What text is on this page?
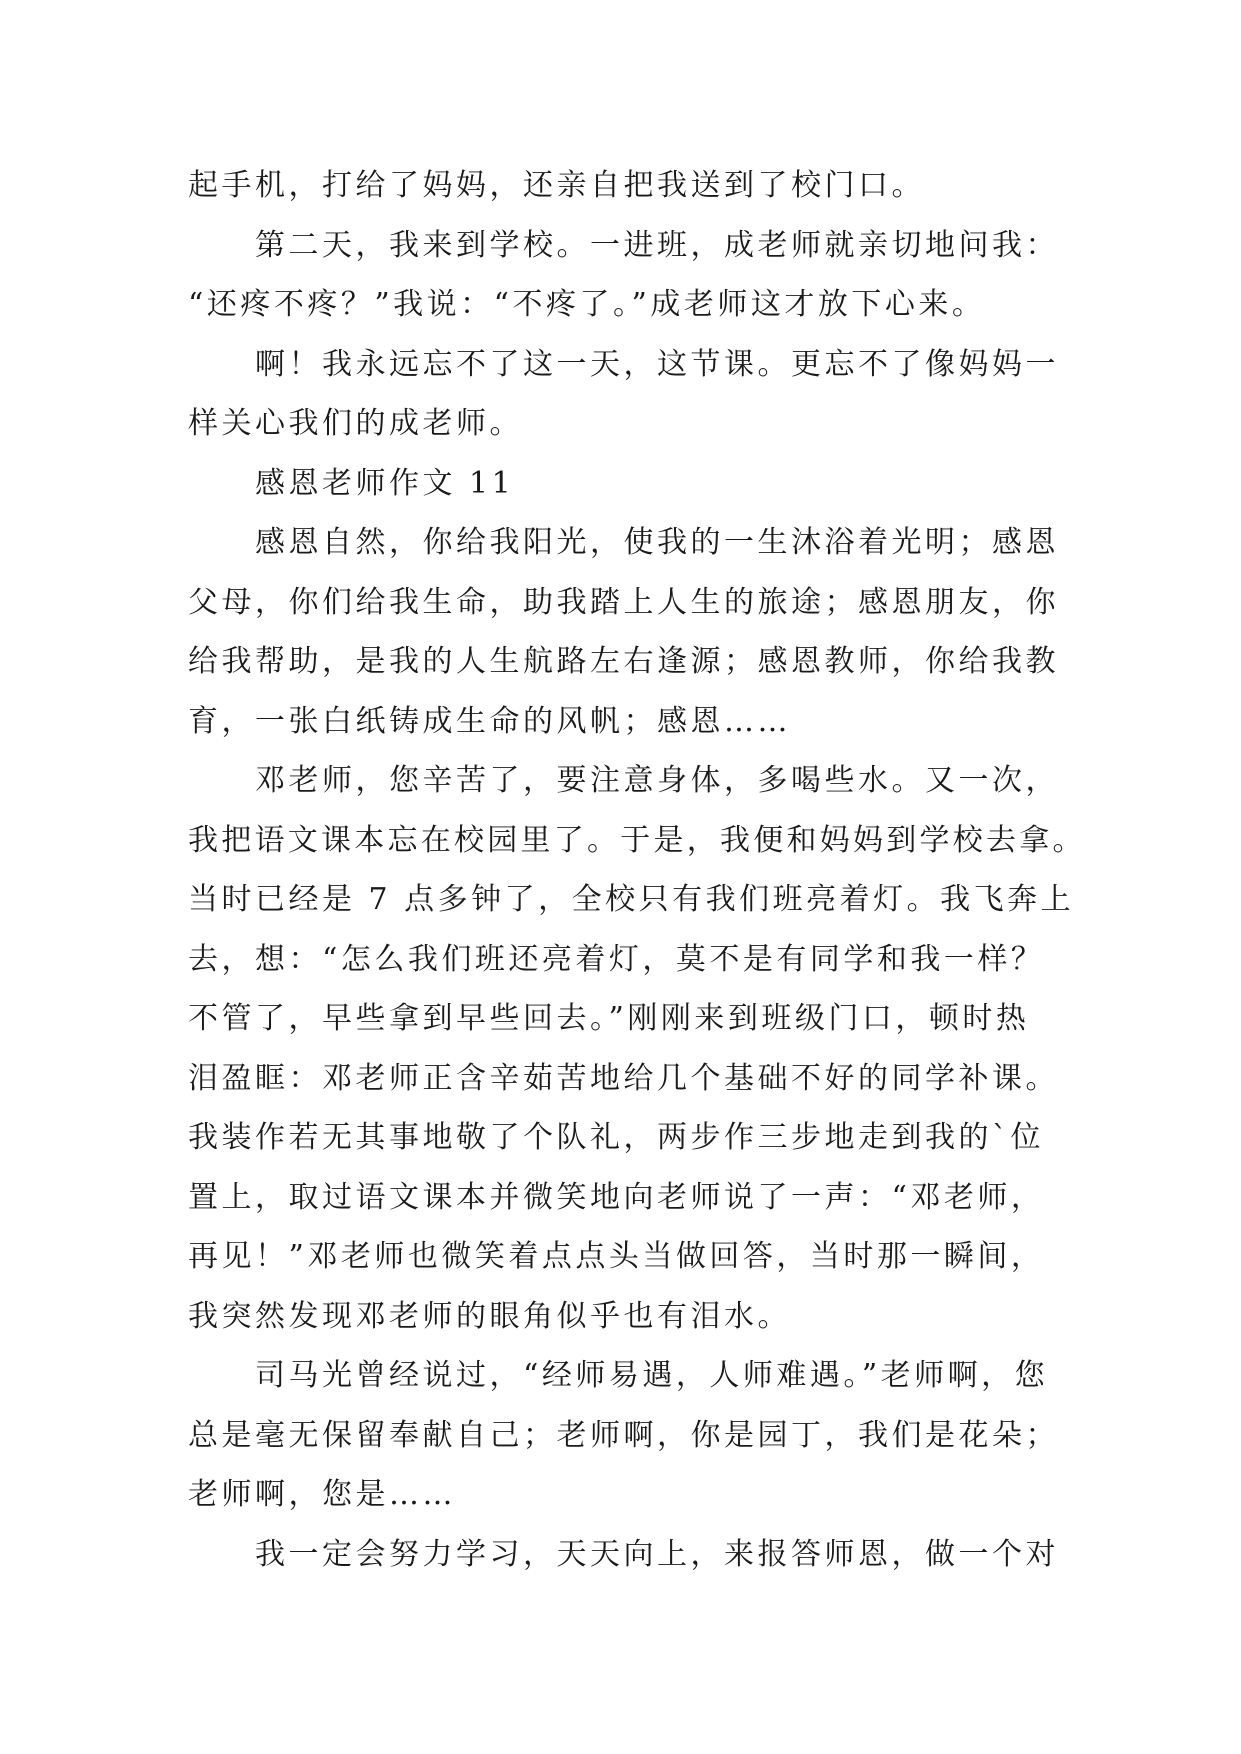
起手机，打给了妈妈，还亲自把我送到了校门口。
　　第二天，我来到学校。一进班，成老师就亲切地问我：
“还疼不疼？”我说：“不疼了。”成老师这才放下心来。
　　啊！我永远忘不了这一天，这节课。更忘不了像妈妈一
样关心我们的成老师。
　　感恩老师作文 11
　　感恩自然，你给我阳光，使我的一生沐浴着光明；感恩
父母，你们给我生命，助我踏上人生的旅途；感恩朋友，你
给我帮助，是我的人生航路左右逢源；感恩教师，你给我教
育，一张白纸铸成生命的风帆；感恩……
　　邓老师，您辛苦了，要注意身体，多喝些水。又一次，
我把语文课本忘在校园里了。于是，我便和妈妈到学校去拿。
当时已经是 7 点多钟了，全校只有我们班亮着灯。我飞奔上
去，想：“怎么我们班还亮着灯，莫不是有同学和我一样？
不管了，早些拿到早些回去。”刚刚来到班级门口，顿时热
泪盈眶：邓老师正含辛茹苦地给几个基础不好的同学补课。
我装作若无其事地敬了个队礼，两步作三步地走到我的`位
置上，取过语文课本并微笑地向老师说了一声：“邓老师，
再见！”邓老师也微笑着点点头当做回答，当时那一瞬间，
我突然发现邓老师的眼角似乎也有泪水。
　　司马光曾经说过，“经师易遇，人师难遇。”老师啊，您
总是毫无保留奉献自己；老师啊，你是园丁，我们是花朵；
老师啊，您是……
　　我一定会努力学习，天天向上，来报答师恩，做一个对
